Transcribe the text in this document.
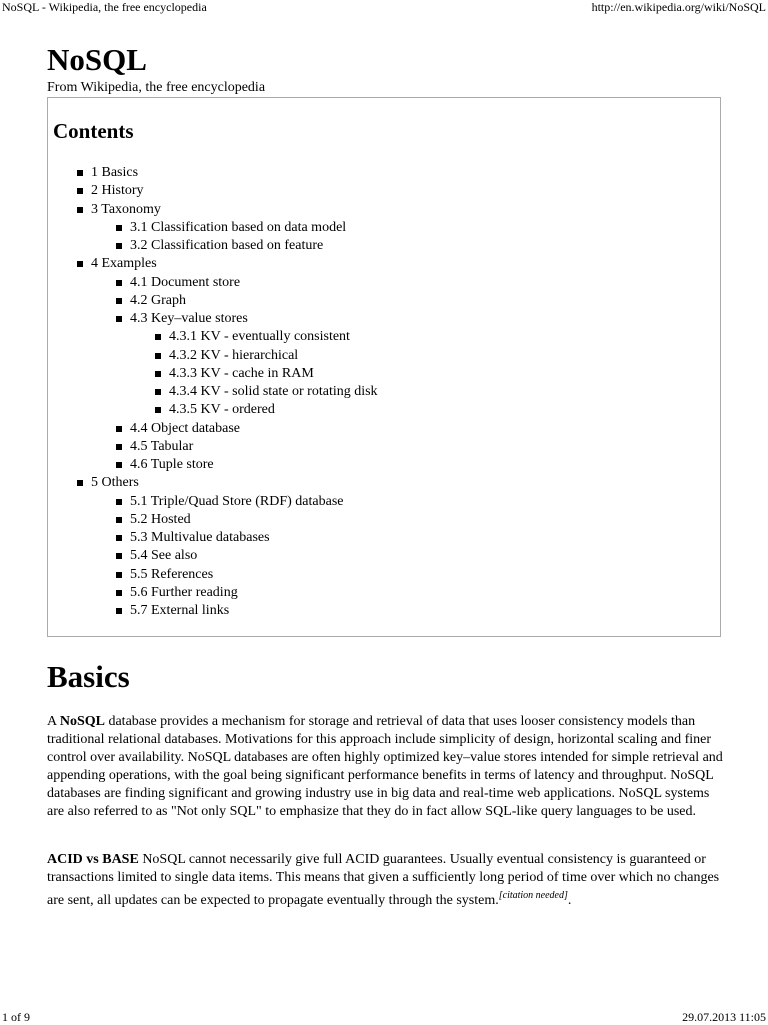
NoSQL - Wikipedia, the free encyclopedia	http://en.wikipedia.org/wiki/NoSQL
NoSQL
From Wikipedia, the free encyclopedia
Contents
1 Basics
2 History
3 Taxonomy
3.1 Classification based on data model
3.2 Classification based on feature
4 Examples
4.1 Document store
4.2 Graph
4.3 Key–value stores
4.3.1 KV - eventually consistent
4.3.2 KV - hierarchical
4.3.3 KV - cache in RAM
4.3.4 KV - solid state or rotating disk
4.3.5 KV - ordered
4.4 Object database
4.5 Tabular
4.6 Tuple store
5 Others
5.1 Triple/Quad Store (RDF) database
5.2 Hosted
5.3 Multivalue databases
5.4 See also
5.5 References
5.6 Further reading
5.7 External links
Basics

A NoSQL database provides a mechanism for storage and retrieval of data that uses looser consistency models than traditional relational databases. Motivations for this approach include simplicity of design, horizontal scaling and finer control over availability. NoSQL databases are often highly optimized key–value stores intended for simple retrieval and appending operations, with the goal being significant performance benefits in terms of latency and throughput. NoSQL databases are finding significant and growing industry use in big data and real-time web applications. NoSQL systems are also referred to as "Not only SQL" to emphasize that they do in fact allow SQL-like query languages to be used.

ACID vs BASE NoSQL cannot necessarily give full ACID guarantees. Usually eventual consistency is guaranteed or transactions limited to single data items. This means that given a sufficiently long period of time over which no changes are sent, all updates can be expected to propagate eventually through the system.[citation needed].

1 of 9	29.07.2013 11:05
